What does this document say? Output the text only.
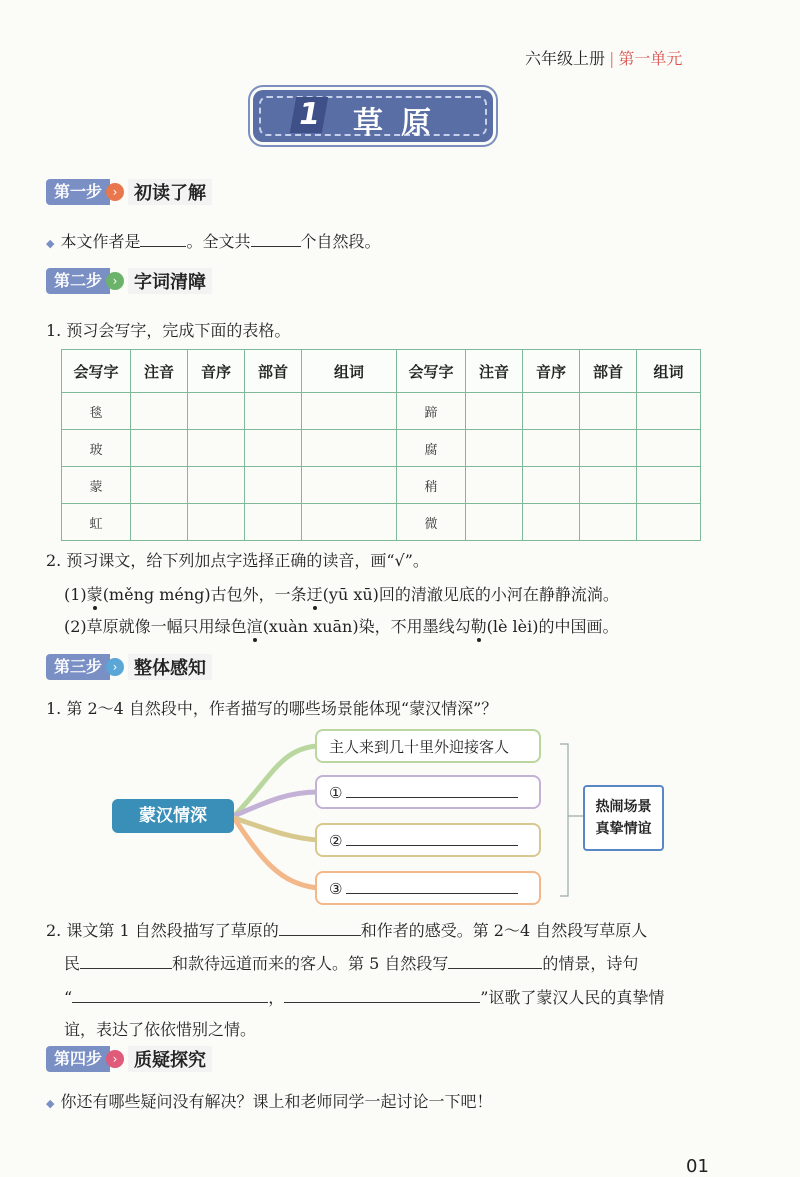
六年级上册 | 第一单元
1 草原
第一步 › 初读了解
◆ 本文作者是	。全文共	个自然段。
第二步 › 字词清障
1. 预习会写字，完成下面的表格。
会写字	注音	音序	部首	组词	会写字	注音	音序	部首	组词
毯					蹄				
玻					腐				
蒙					稍				
虹					微				
2. 预习课文，给下列加点字选择正确的读音，画“√”。
(1)蒙(měng méng)古包外，一条迂(yū xū)回的清澈见底的小河在静静流淌。
(2)草原就像一幅只用绿色渲(xuàn xuān)染，不用墨线勾勒(lè lèi)的中国画。
第三步 › 整体感知
1. 第 2～4 自然段中，作者描写的哪些场景能体现“蒙汉情深”？
蒙汉情深
主人来到几十里外迎接客人
①
②
③
热闹场景
真挚情谊
2. 课文第 1 自然段描写了草原的	和作者的感受。第 2～4 自然段写草原人
民	和款待远道而来的客人。第 5 自然段写	的情景，诗句
“	，	”讴歌了蒙汉人民的真挚情
谊，表达了依依惜别之情。
第四步 › 质疑探究
◆ 你还有哪些疑问没有解决？课上和老师同学一起讨论一下吧！
01
